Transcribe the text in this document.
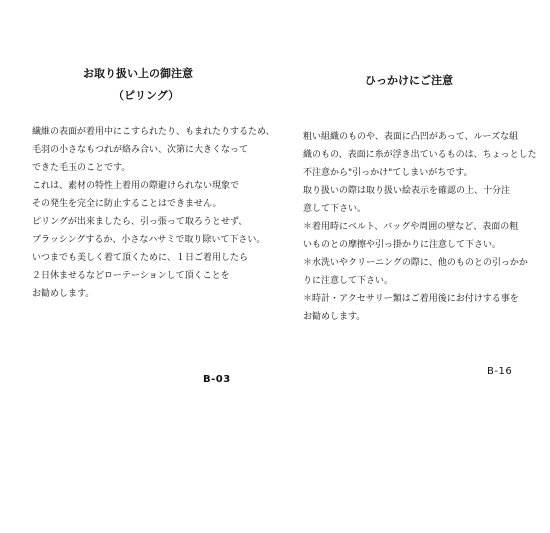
お取り扱い上の御注意
（ピリング）
繊維の表面が着用中にこすられたり、もまれたりするため、
毛羽の小さなもつれが絡み合い、次第に大きくなって
できた毛玉のことです。
これは、素材の特性上着用の際避けられない現象で
その発生を完全に防止することはできません。
ピリングが出来ましたら、引っ張って取ろうとせず、
ブラッシングするか、小さなハサミで取り除いて下さい。
いつまでも美しく着て頂くために、１日ご着用したら
２日休ませるなどローテーションして頂くことを
お勧めします。
B-03
ひっかけにご注意
粗い組織のものや、表面に凸凹があって、ルーズな組
織のもの、表面に糸が浮き出ているものは、ちょっとした
不注意から"引っかけ"てしまいがちです。
取り扱いの際は取り扱い絵表示を確認の上、十分注
意して下さい。
＊着用時にベルト、バッグや周囲の壁など、表面の粗
いものとの摩擦や引っ掛かりに注意して下さい。
＊水洗いやクリーニングの際に、他のものとの引っかか
りに注意して下さい。
＊時計・アクセサリー類はご着用後にお付けする事を
お勧めします。
B-16
